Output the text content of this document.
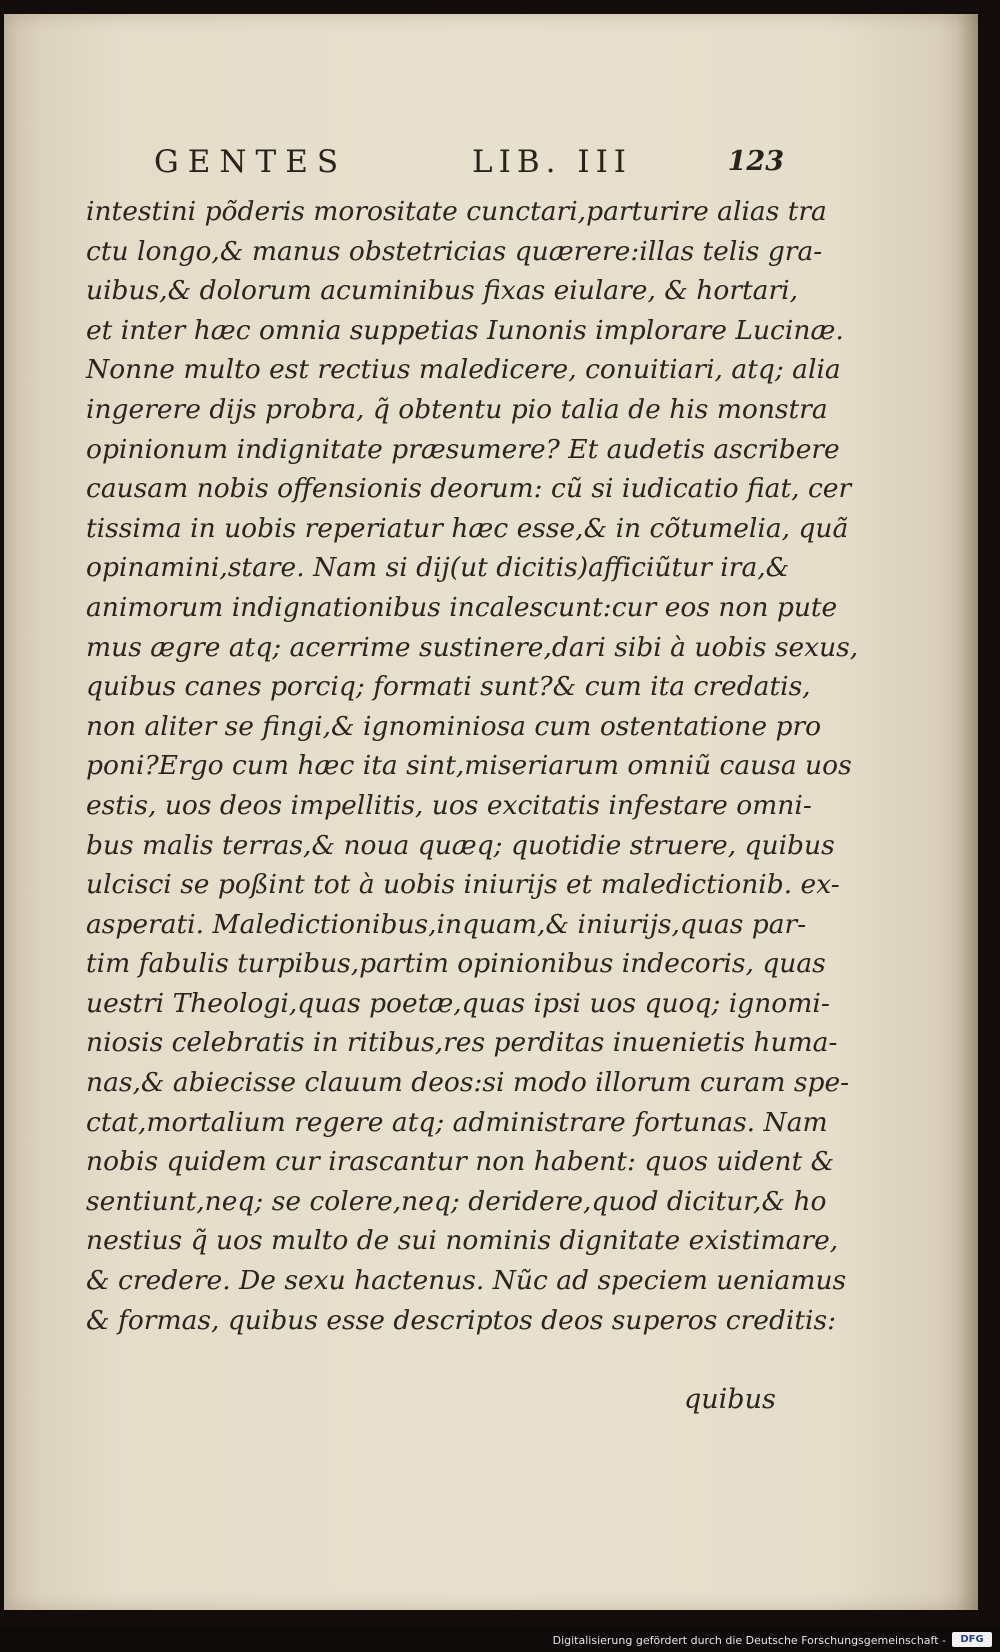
GENTES	LIB. III	123
intestini põderis morositate cunctari,parturire alias tra
ctu longo,& manus obstetricias quærere:illas telis gra-
uibus,& dolorum acuminibus fixas eiulare, & hortari,
et inter hæc omnia suppetias Iunonis implorare Lucinæ.
Nonne multo est rectius maledicere, conuitiari, atq; alia
ingerere dijs probra, q̃ obtentu pio talia de his monstra
opinionum indignitate præsumere? Et audetis ascribere
causam nobis offensionis deorum: cũ si iudicatio fiat, cer
tissima in uobis reperiatur hæc esse,& in cõtumelia, quã
opinamini,stare. Nam si dij(ut dicitis)afficiũtur ira,&
animorum indignationibus incalescunt:cur eos non pute
mus ægre atq; acerrime sustinere,dari sibi à uobis sexus,
quibus canes porciq; formati sunt?& cum ita credatis,
non aliter se fingi,& ignominiosa cum ostentatione pro
poni?Ergo cum hæc ita sint,miseriarum omniũ causa uos
estis, uos deos impellitis, uos excitatis infestare omni-
bus malis terras,& noua quæq; quotidie struere, quibus
ulcisci se poßint tot à uobis iniurijs et maledictionib. ex-
asperati. Maledictionibus,inquam,& iniurijs,quas par-
tim fabulis turpibus,partim opinionibus indecoris, quas
uestri Theologi,quas poetæ,quas ipsi uos quoq; ignomi-
niosis celebratis in ritibus,res perditas inuenietis huma-
nas,& abiecisse clauum deos:si modo illorum curam spe-
ctat,mortalium regere atq; administrare fortunas. Nam
nobis quidem cur irascantur non habent: quos uident &
sentiunt,neq; se colere,neq; deridere,quod dicitur,& ho
nestius q̃ uos multo de sui nominis dignitate existimare,
& credere. De sexu hactenus. Nũc ad speciem ueniamus
& formas, quibus esse descriptos deos superos creditis:
quibus
Digitalisierung gefördert durch die Deutsche Forschungsgemeinschaft -	DFG
